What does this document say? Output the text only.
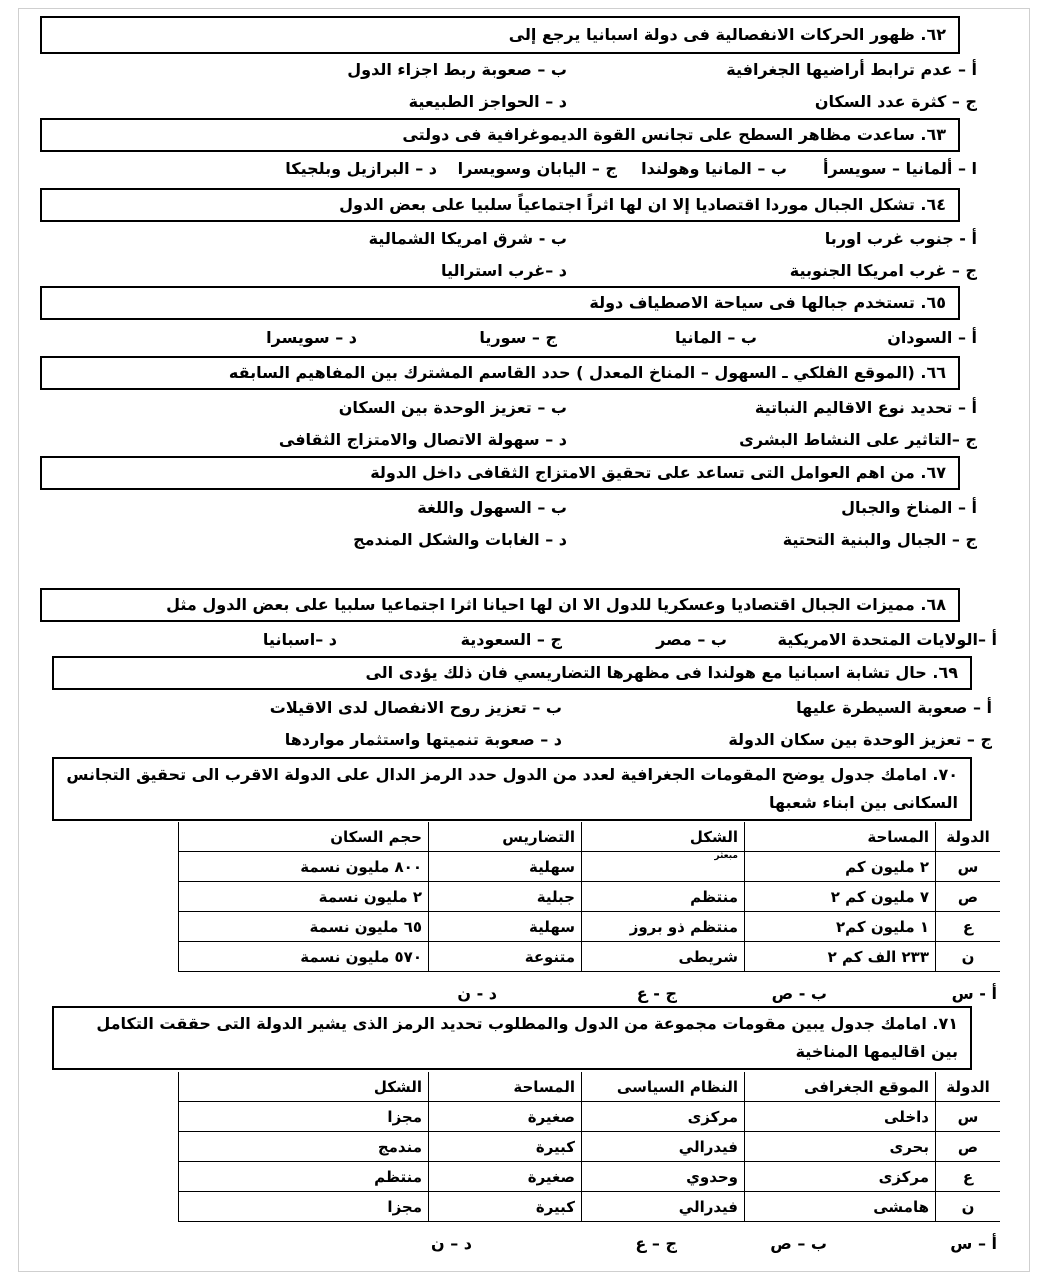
٦٢. ظهور الحركات الانفصالية فى دولة اسبانيا يرجع إلى
أ – عدم ترابط أراضيها الجغرافية
ب – صعوبة ربط اجزاء الدول
ج – كثرة عدد السكان
د – الحواجز الطبيعية
٦٣. ساعدت مظاهر السطح على تجانس القوة الديموغرافية فى دولتى
ا – ألمانيا – سويسرأ
ب – المانيا وهولندا
ج – اليابان وسويسرا
د – البرازيل وبلجيكا
٦٤. تشكل الجبال موردا اقتصاديا إلا ان لها اثراً اجتماعياً سلبيا على بعض الدول
أ - جنوب غرب اوربا
ب - شرق امريكا الشمالية
ج – غرب امريكا الجنوبية
د –غرب استراليا
٦٥. تستخدم جبالها فى سياحة الاصطياف دولة
أ – السودان
ب – المانيا
ج – سوريا
د – سويسرا
٦٦. (الموقع الفلكي ـ السهول – المناخ المعدل ) حدد القاسم المشترك بين المفاهيم السابقه
أ – تحديد نوع الاقاليم النباتية
ب – تعزيز الوحدة بين السكان
ج –التاثير على النشاط البشرى
د – سهولة الاتصال والامتزاج الثقافى
٦٧. من اهم العوامل التى تساعد على تحقيق الامتزاج الثقافى داخل الدولة
أ – المناخ والجبال
ب – السهول واللغة
ج – الجبال والبنية التحتية
د – الغابات والشكل المندمج
٦٨. مميزات الجبال اقتصاديا وعسكريا للدول الا ان لها احيانا اثرا اجتماعيا سلبيا على بعض الدول مثل
أ –الولايات المتحدة الامريكية
ب – مصر
ج – السعودية
د –اسبانيا
٦٩. حال تشابة اسبانيا مع هولندا فى مظهرها التضاريسي فان ذلك يؤدى الى
أ – صعوبة السيطرة عليها
ب – تعزيز روح الانفصال لدى الاقيلات
ج – تعزيز الوحدة بين سكان الدولة
د – صعوبة تنميتها واستثمار مواردها
٧٠. امامك جدول يوضح المقومات الجغرافية لعدد من الدول حدد الرمز الدال على الدولة الاقرب الى تحقيق التجانس السكانى بين ابناء شعبها
الدولة	المساحة	الشكل	التضاريس	حجم السكان
س	٢ مليون كم	مبعثر	سهلية	٨٠٠ مليون نسمة
ص	٧ مليون كم ٢	منتظم	جبلية	٢ مليون نسمة
ع	١ مليون كم٢	منتظم ذو بروز	سهلية	٦٥ مليون نسمة
ن	٢٣٣ الف كم ٢	شريطى	متنوعة	٥٧٠ مليون نسمة
أ - س
ب - ص
ج - ع
د - ن
٧١. امامك جدول يبين مقومات مجموعة من الدول والمطلوب تحديد الرمز الذى يشير الدولة التى حققت التكامل بين اقاليمها المناخية
الدولة	الموقع الجغرافى	النظام السياسى	المساحة	الشكل
س	داخلى	مركزى	صغيرة	مجزا
ص	بحرى	فيدرالي	كبيرة	مندمج
ع	مركزى	وحدوي	صغيرة	منتظم
ن	هامشى	فيدرالي	كبيرة	مجزا
أ – س
ب – ص
ج – ع
د – ن
